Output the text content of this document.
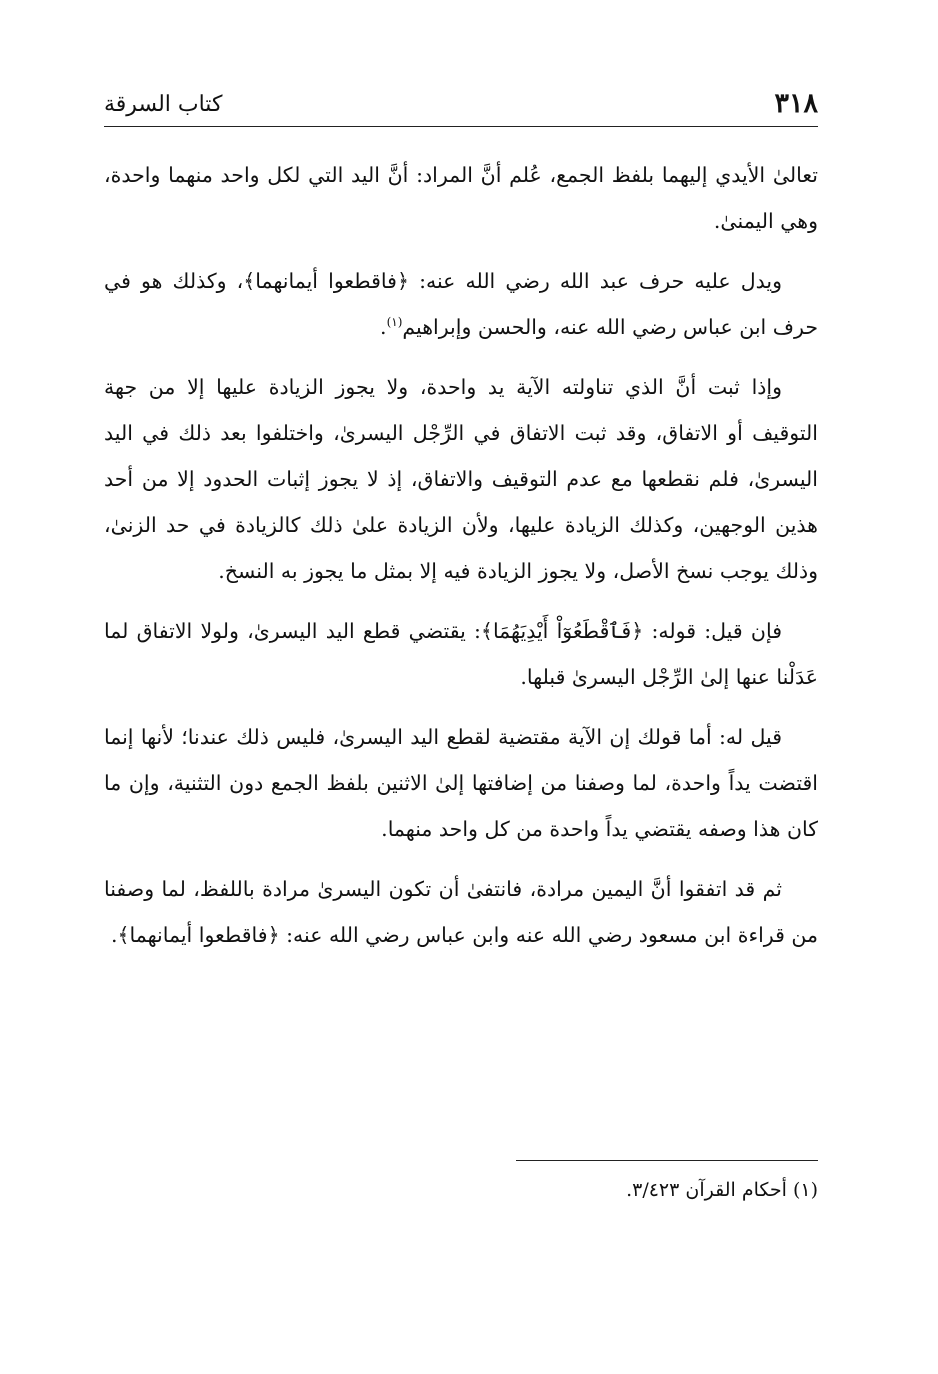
٣١٨
كتاب السرقة

تعالىٰ الأيدي إليهما بلفظ الجمع، عُلم أنَّ المراد: أنَّ اليد التي لكل واحد منهما واحدة، وهي اليمنىٰ.

ويدل عليه حرف عبد الله رضي الله عنه: ﴿فاقطعوا أيمانهما﴾، وكذلك هو في حرف ابن عباس رضي الله عنه، والحسن وإبراهيم$^{(١)}$.

وإذا ثبت أنَّ الذي تناولته الآية يد واحدة، ولا يجوز الزيادة عليها إلا من جهة التوقيف أو الاتفاق، وقد ثبت الاتفاق في الرِّجْل اليسرىٰ، واختلفوا بعد ذلك في اليد اليسرىٰ، فلم نقطعها مع عدم التوقيف والاتفاق، إذ لا يجوز إثبات الحدود إلا من أحد هذين الوجهين، وكذلك الزيادة عليها، ولأن الزيادة علىٰ ذلك كالزيادة في حد الزنىٰ، وذلك يوجب نسخ الأصل، ولا يجوز الزيادة فيه إلا بمثل ما يجوز به النسخ.

فإن قيل: قوله: ﴿فَٱقْطَعُوٓاْ أَيْدِيَهُمَا﴾: يقتضي قطع اليد اليسرىٰ، ولولا الاتفاق لما عَدَلْنا عنها إلىٰ الرِّجْل اليسرىٰ قبلها.

قيل له: أما قولك إن الآية مقتضية لقطع اليد اليسرىٰ، فليس ذلك عندنا؛ لأنها إنما اقتضت يداً واحدة، لما وصفنا من إضافتها إلىٰ الاثنين بلفظ الجمع دون التثنية، وإن ما كان هذا وصفه يقتضي يداً واحدة من كل واحد منهما.

ثم قد اتفقوا أنَّ اليمين مرادة، فانتفىٰ أن تكون اليسرىٰ مرادة باللفظ، لما وصفنا من قراءة ابن مسعود رضي الله عنه وابن عباس رضي الله عنه: ﴿فاقطعوا أيمانهما﴾.

(١) أحكام القرآن ٣/٤٢٣.
